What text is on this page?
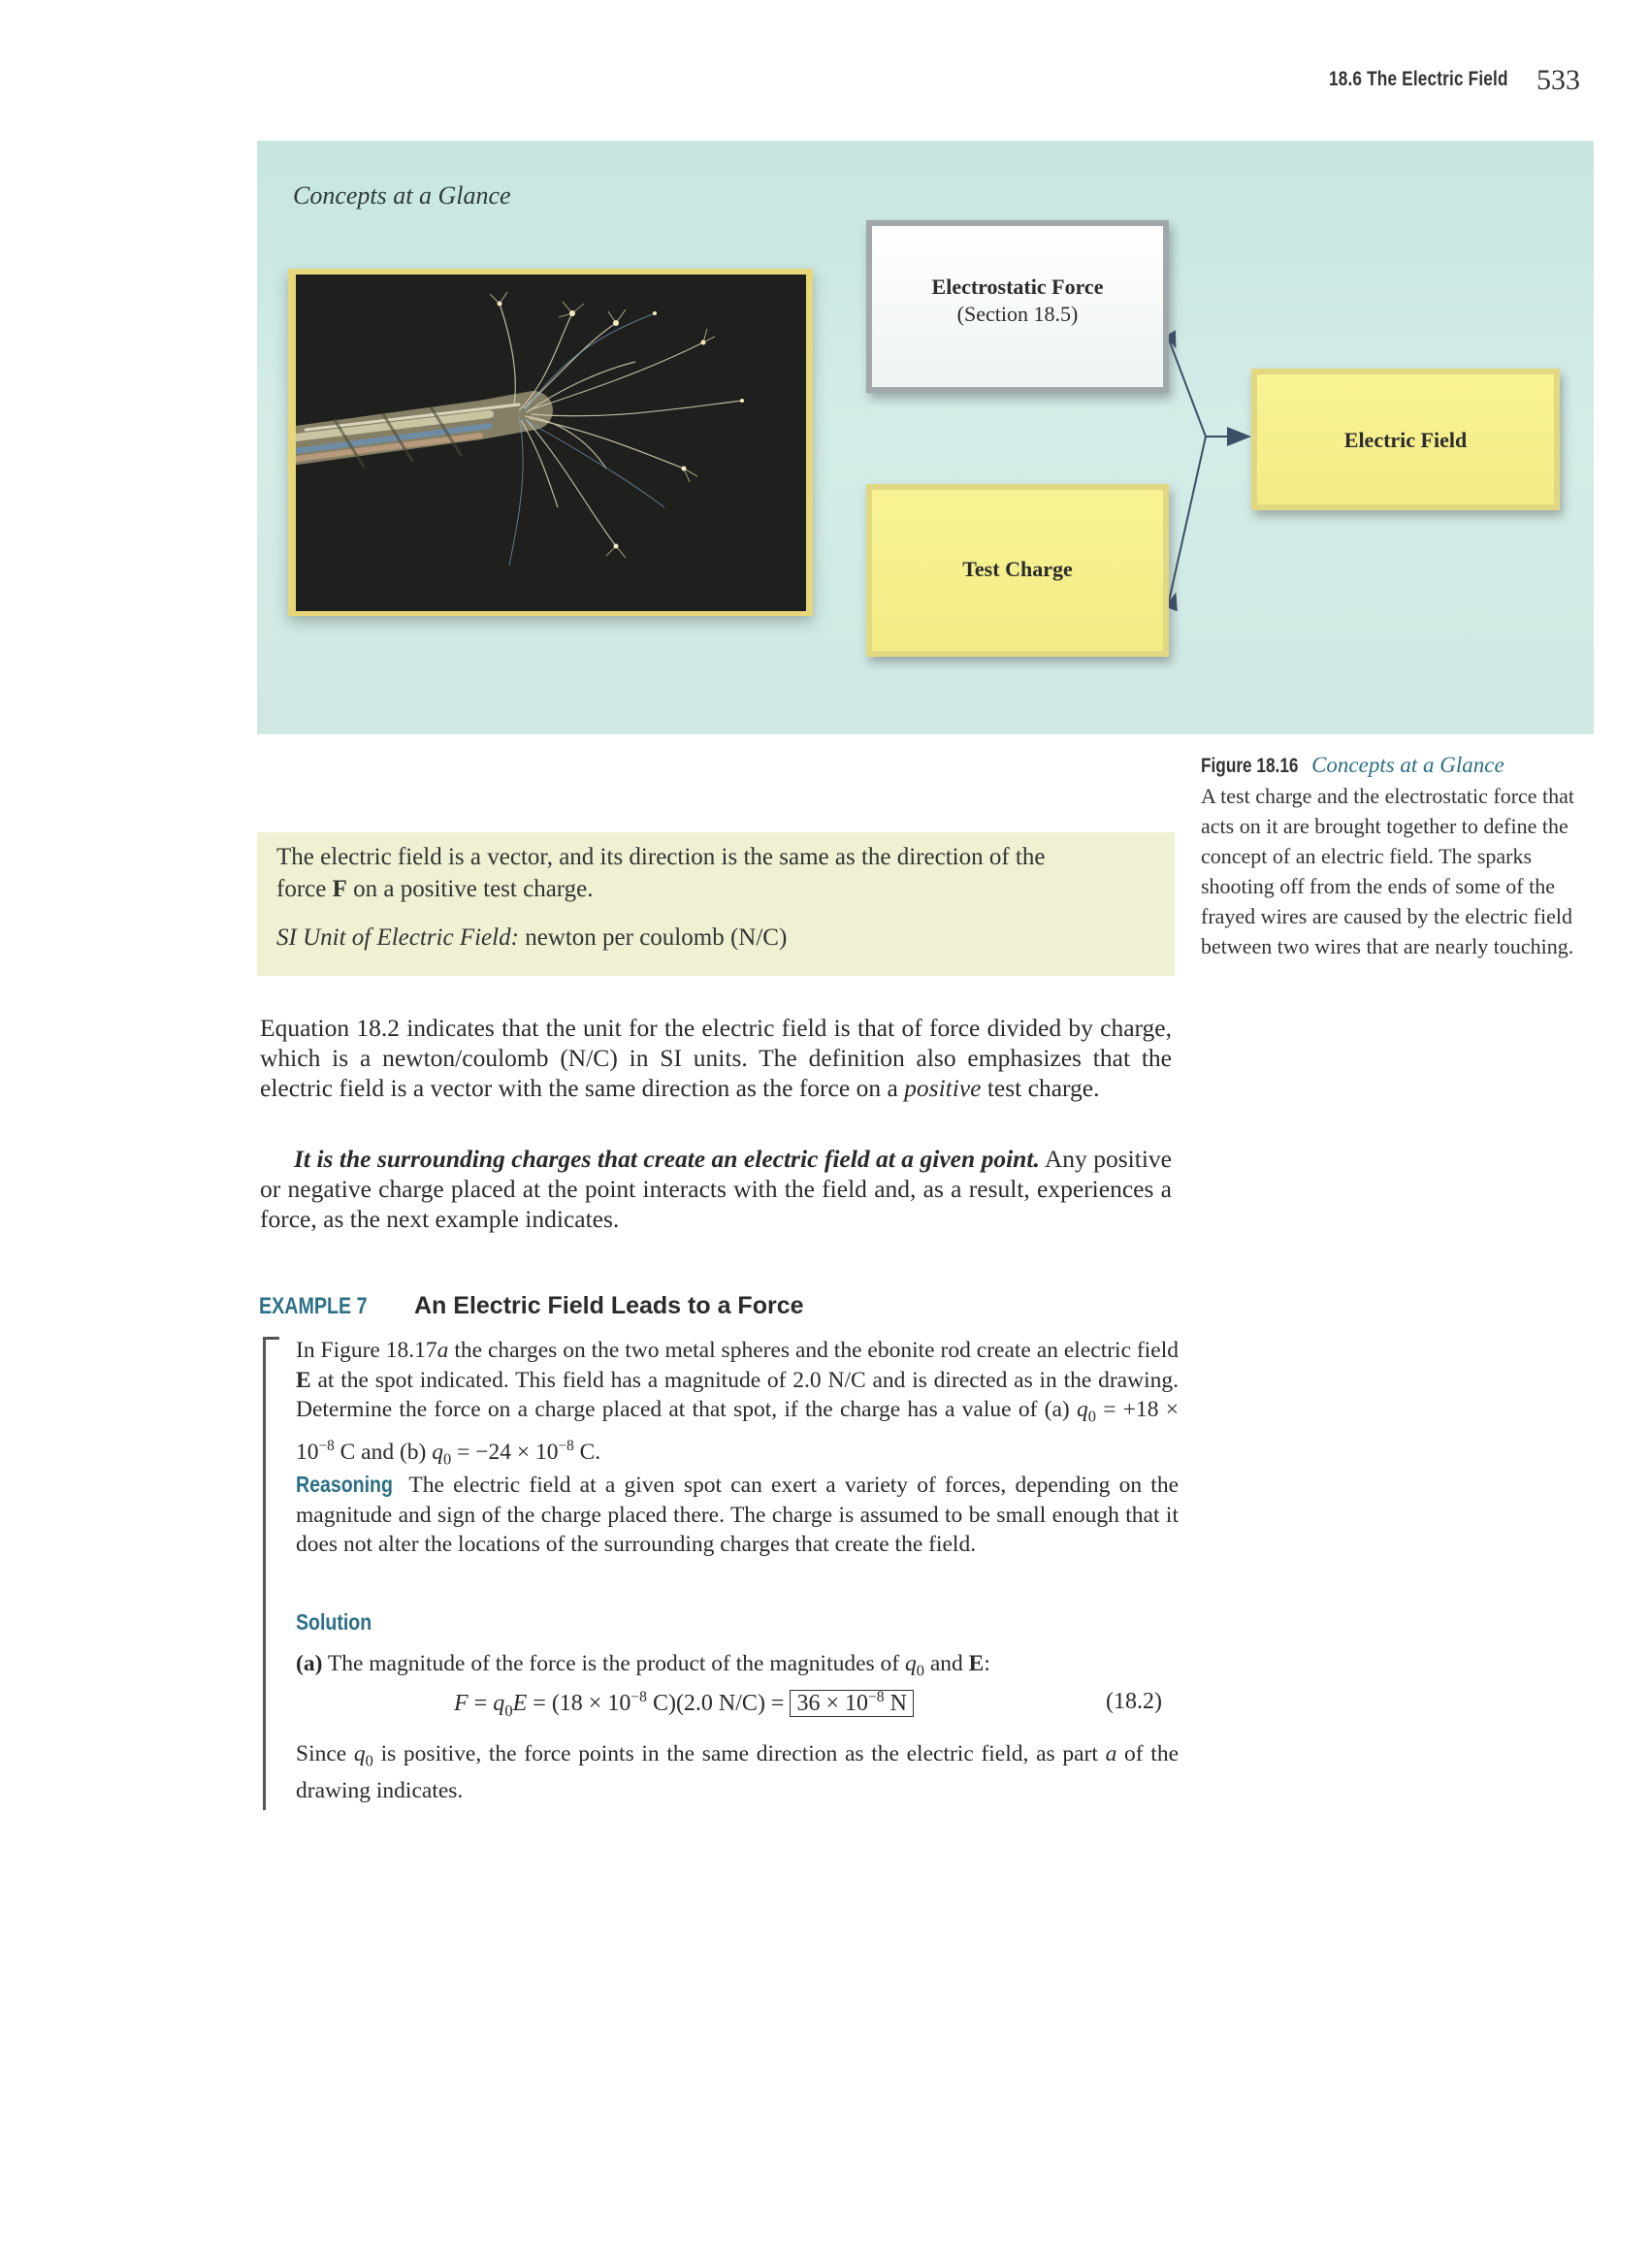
18.6 The Electric Field 533
Concepts at a Glance
Electrostatic Force
(Section 18.5)
Test Charge
Electric Field
Figure 18.16 Concepts at a Glance
A test charge and the electrostatic force that acts on it are brought together to define the concept of an electric field. The sparks shooting off from the ends of some of the frayed wires are caused by the electric field between two wires that are nearly touching.
The electric field is a vector, and its direction is the same as the direction of the
force F on a positive test charge.
SI Unit of Electric Field: newton per coulomb (N/C)
Equation 18.2 indicates that the unit for the electric field is that of force divided by charge, which is a newton/coulomb (N/C) in SI units. The definition also emphasizes that the electric field is a vector with the same direction as the force on a positive test charge.
It is the surrounding charges that create an electric field at a given point. Any positive or negative charge placed at the point interacts with the field and, as a result, experiences a force, as the next example indicates.
EXAMPLE 7 An Electric Field Leads to a Force
In Figure 18.17a the charges on the two metal spheres and the ebonite rod create an electric field E at the spot indicated. This field has a magnitude of 2.0 N/C and is directed as in the drawing. Determine the force on a charge placed at that spot, if the charge has a value of (a) $q_0 = +18 \times 10^{-8}$ C and (b) $q_0 = -24 \times 10^{-8}$ C.
Reasoning The electric field at a given spot can exert a variety of forces, depending on the magnitude and sign of the charge placed there. The charge is assumed to be small enough that it does not alter the locations of the surrounding charges that create the field.
Solution
(a) The magnitude of the force is the product of the magnitudes of $q_0$ and E:
$F = q_0E = (18 \times 10^{-8}$ C)(2.0 $N/C) = 36 \times 10^{-8}$ N	(18.2)
Since $q_0$ is positive, the force points in the same direction as the electric field, as part a of the drawing indicates.
